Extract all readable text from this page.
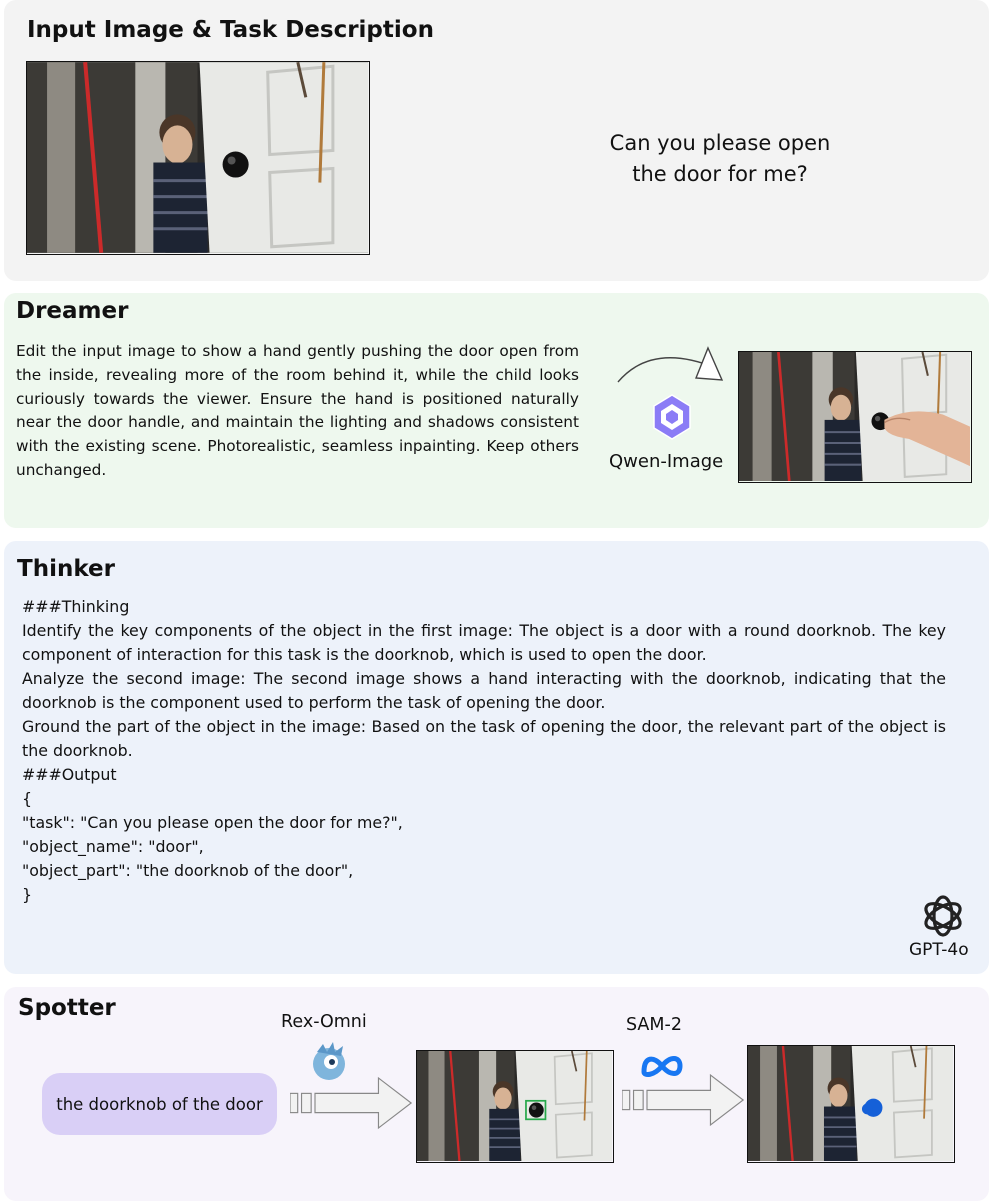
Input Image & Task Description
Can you please open
the door for me?
Dreamer
Edit the input image to show a hand gently pushing the door open from the inside, revealing more of the room behind it, while the child looks curiously towards the viewer. Ensure the hand is positioned naturally near the door handle, and maintain the lighting and shadows consistent with the existing scene. Photorealistic, seamless inpainting. Keep others unchanged.	Qwen-Image
Thinker
###Thinking
Identify the key components of the object in the first image: The object is a door with a round doorknob. The key component of interaction for this task is the doorknob, which is used to open the door.
Analyze the second image: The second image shows a hand interacting with the doorknob, indicating that the doorknob is the component used to perform the task of opening the door.
Ground the part of the object in the image: Based on the task of opening the door, the relevant part of the object is the doorknob.
###Output
{
"task": "Can you please open the door for me?",
"object_name": "door",
"object_part": "the doorknob of the door",
}
GPT-4o
Spotter
the doorknob of the door
Rex-Omni	SAM-2
